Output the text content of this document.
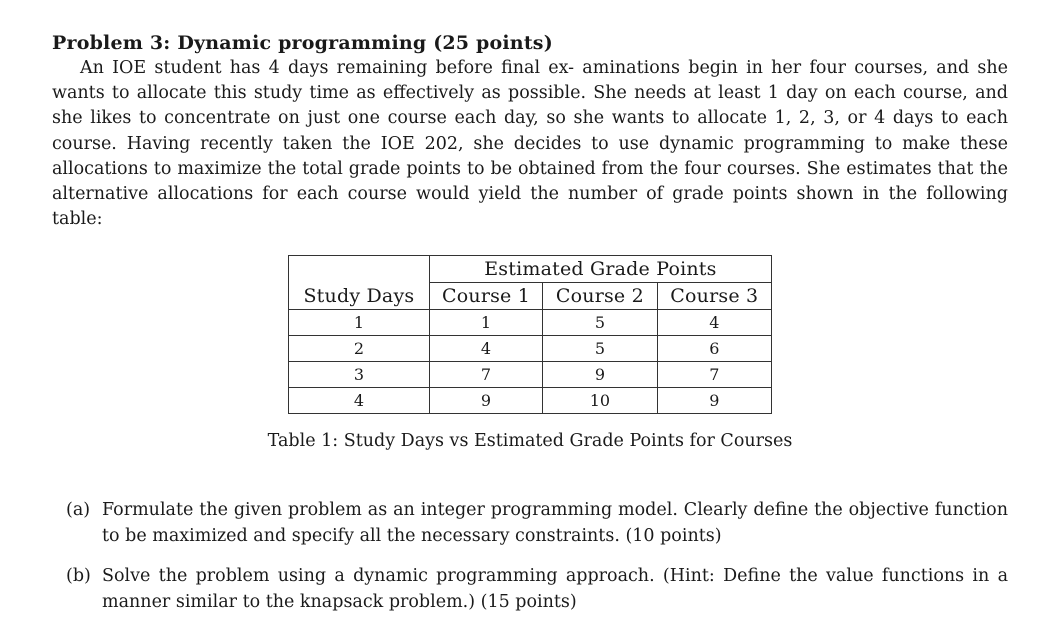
Problem 3: Dynamic programming (25 points)

An IOE student has 4 days remaining before final ex- aminations begin in her four courses, and she wants to allocate this study time as effectively as possible. She needs at least 1 day on each course, and she likes to concentrate on just one course each day, so she wants to allocate 1, 2, 3, or 4 days to each course. Having recently taken the IOE 202, she decides to use dynamic programming to make these allocations to maximize the total grade points to be obtained from the four courses. She estimates that the alternative allocations for each course would yield the number of grade points shown in the following table:

	Estimated Grade Points		
Study Days	Course 1	Course 2	Course 3
1	1	5	4
2	4	5	6
3	7	9	7
4	9	10	9
Table 1: Study Days vs Estimated Grade Points for Courses
(a) Formulate the given problem as an integer programming model. Clearly define the objective function to be maximized and specify all the necessary constraints. (10 points)
(b) Solve the problem using a dynamic programming approach. (Hint: Define the value functions in a manner similar to the knapsack problem.) (15 points)
